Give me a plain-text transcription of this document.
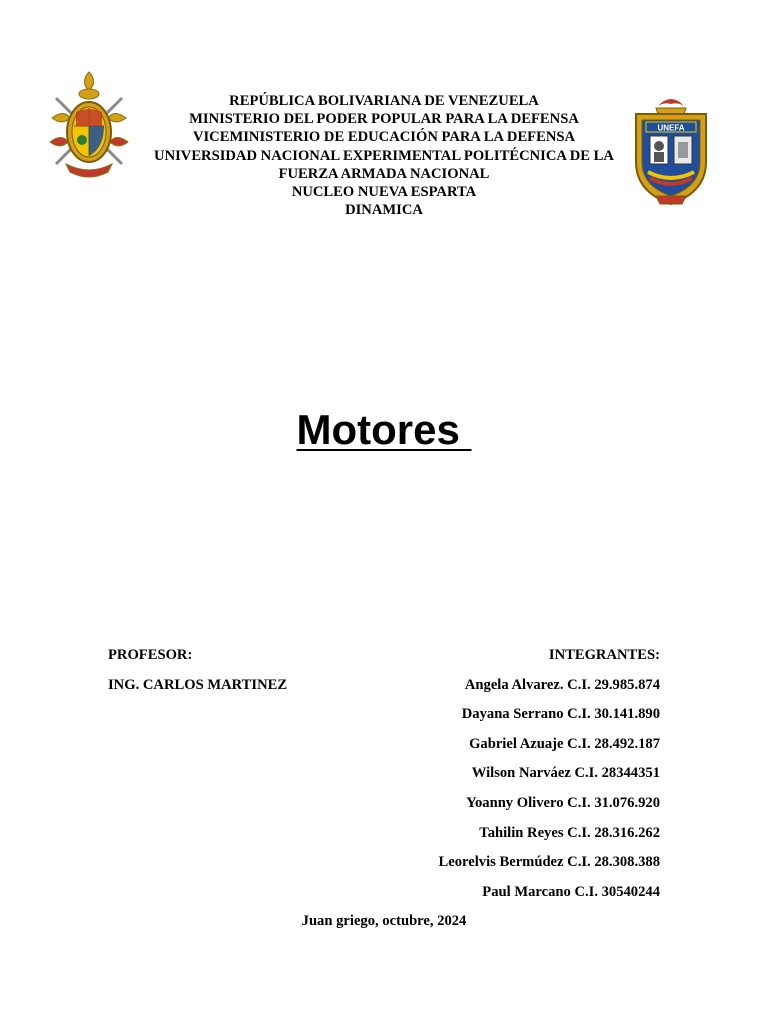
REPÚBLICA BOLIVARIANA DE VENEZUELA
MINISTERIO DEL PODER POPULAR PARA LA DEFENSA
VICEMINISTERIO DE EDUCACIÓN PARA LA DEFENSA
UNIVERSIDAD NACIONAL EXPERIMENTAL POLITÉCNICA DE LA FUERZA ARMADA NACIONAL
NUCLEO NUEVA ESPARTA
DINAMICA
UNEFA
Motores
PROFESOR:
ING. CARLOS MARTINEZ
INTEGRANTES:
Angela Alvarez. C.I. 29.985.874
Dayana Serrano C.I. 30.141.890
Gabriel Azuaje C.I. 28.492.187
Wilson Narváez C.I. 28344351
Yoanny Olivero C.I. 31.076.920
Tahilin Reyes C.I. 28.316.262
Leorelvis Bermúdez C.I. 28.308.388
Paul Marcano C.I. 30540244
Juan griego, octubre, 2024
